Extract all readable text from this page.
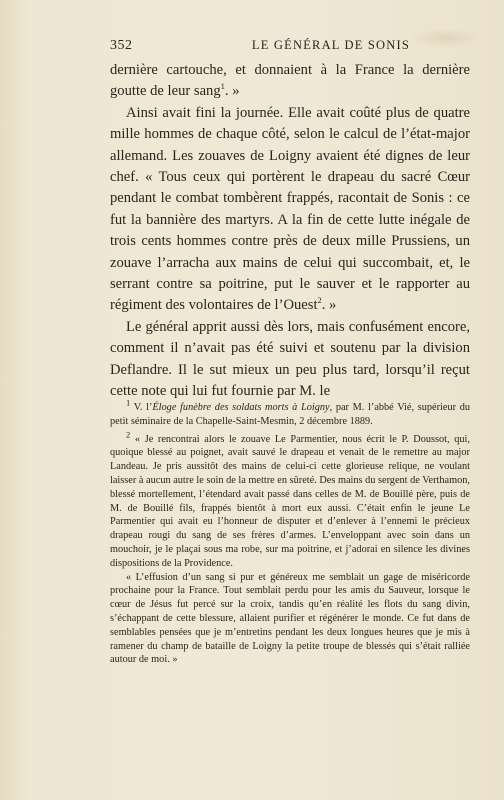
352	LE GÉNÉRAL DE SONIS

dernière cartouche, et donnaient à la France la dernière goutte de leur sang$^1$. »

Ainsi avait fini la journée. Elle avait coûté plus de quatre mille hommes de chaque côté, selon le calcul de l’état-major allemand. Les zouaves de Loigny avaient été dignes de leur chef. « Tous ceux qui portèrent le drapeau du sacré Cœur pendant le combat tombèrent frappés, racontait de Sonis : ce fut la bannière des martyrs. A la fin de cette lutte inégale de trois cents hommes contre près de deux mille Prussiens, un zouave l’arracha aux mains de celui qui succombait, et, le serrant contre sa poitrine, put le sauver et le rapporter au régiment des volontaires de l’Ouest$^2$. »

Le général apprit aussi dès lors, mais confusément encore, comment il n’avait pas été suivi et soutenu par la division Deflandre. Il le sut mieux un peu plus tard, lorsqu’il reçut cette note qui lui fut fournie par M. le

$^1$ V. l’Éloge funèbre des soldats morts à Loigny, par M. l’abbé Vié, supérieur du petit séminaire de la Chapelle-Saint-Mesmin, 2 décembre 1889.

$^2$ « Je rencontrai alors le zouave Le Parmentier, nous écrit le P. Doussot, qui, quoique blessé au poignet, avait sauvé le drapeau et venait de le remettre au major Landeau. Je pris aussitôt des mains de celui-ci cette glorieuse relique, ne voulant laisser à aucun autre le soin de la mettre en sûreté. Des mains du sergent de Verthamon, blessé mortellement, l’étendard avait passé dans celles de M. de Bouillé père, puis de M. de Bouillé fils, frappés bientôt à mort eux aussi. C’était enfin le jeune Le Parmentier qui avait eu l’honneur de disputer et d’enlever à l’ennemi le précieux drapeau rougi du sang de ses frères d’armes. L’enveloppant avec soin dans un mouchoir, je le plaçai sous ma robe, sur ma poitrine, et j’adorai en silence les divines dispositions de la Providence.

« L’effusion d’un sang si pur et généreux me semblait un gage de miséricorde prochaine pour la France. Tout semblait perdu pour les amis du Sauveur, lorsque le cœur de Jésus fut percé sur la croix, tandis qu’en réalité les flots du sang divin, s’échappant de cette blessure, allaient purifier et régénérer le monde. Ce fut dans de semblables pensées que je m’entretins pendant les deux longues heures que je mis à ramener du champ de bataille de Loigny la petite troupe de blessés qui s’était ralliée autour de moi. »
